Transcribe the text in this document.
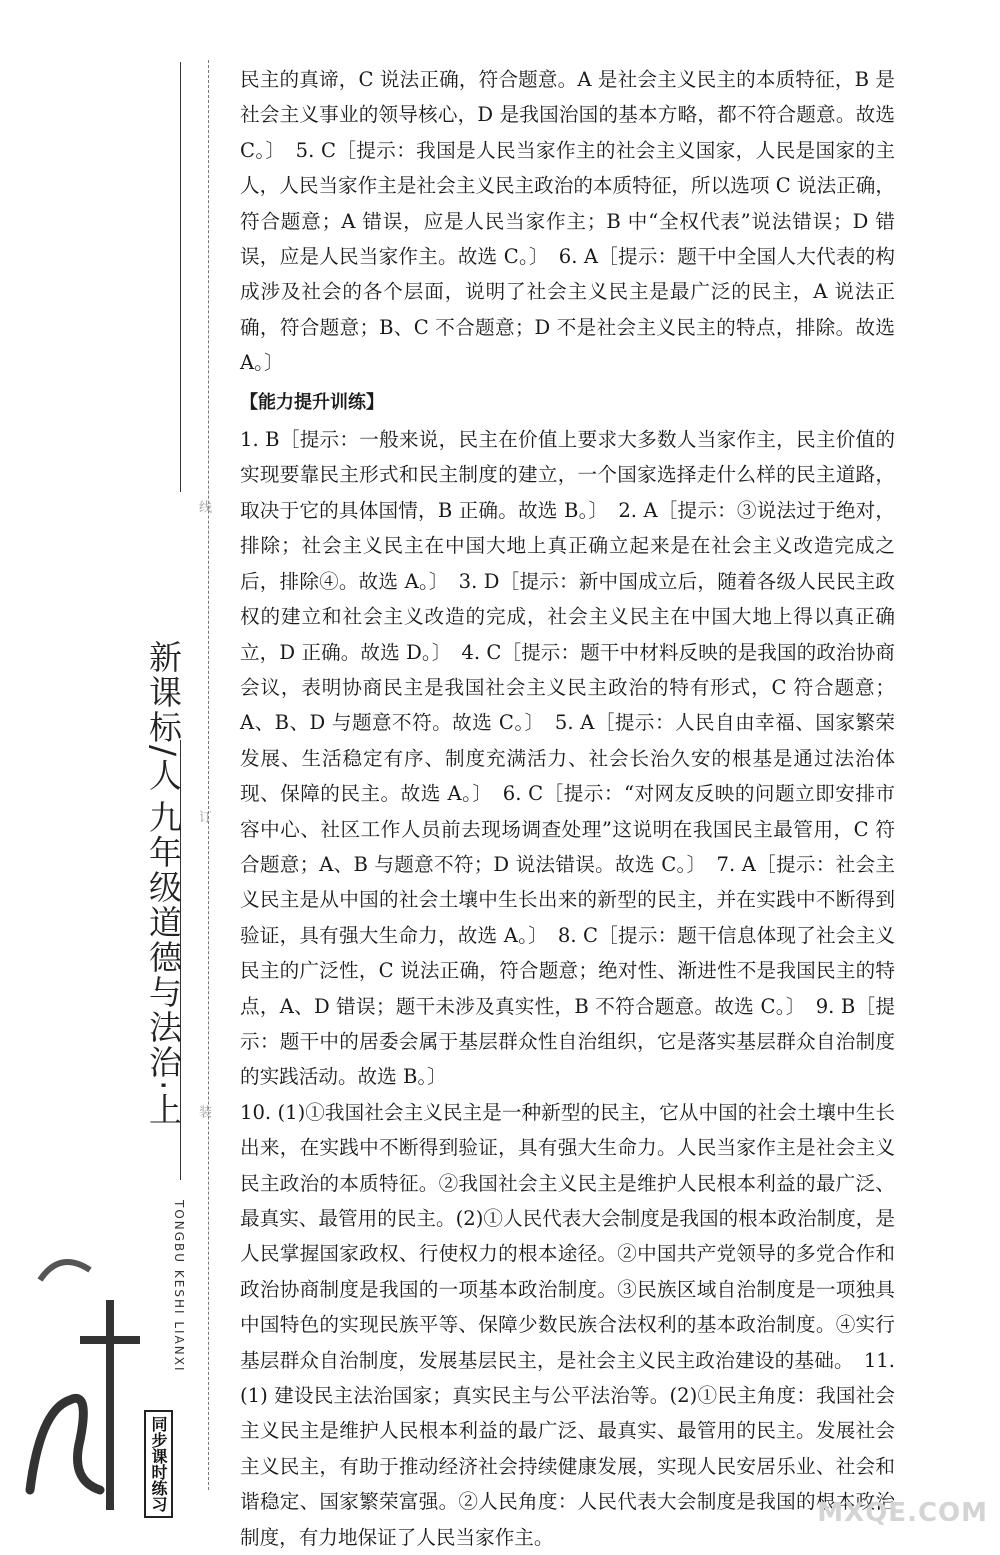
新课标/人
九年级道德与法治·上
线
订
装
TONGBU KESHI LIANXI
同步课时练习

民主的真谛，C 说法正确，符合题意。A 是社会主义民主的本质特征，B 是社会主义事业的领导核心，D 是我国治国的基本方略，都不符合题意。故选 C。〕　5. C［提示：我国是人民当家作主的社会主义国家，人民是国家的主人，人民当家作主是社会主义民主政治的本质特征，所以选项 C 说法正确，符合题意；A 错误，应是人民当家作主；B 中“全权代表”说法错误；D 错误，应是人民当家作主。故选 C。〕　6. A［提示：题干中全国人大代表的构成涉及社会的各个层面，说明了社会主义民主是最广泛的民主，A 说法正确，符合题意；B、C 不合题意；D 不是社会主义民主的特点，排除。故选 A。〕

【能力提升训练】

1. B［提示：一般来说，民主在价值上要求大多数人当家作主，民主价值的实现要靠民主形式和民主制度的建立，一个国家选择走什么样的民主道路，取决于它的具体国情，B 正确。故选 B。〕　2. A［提示：③说法过于绝对，排除；社会主义民主在中国大地上真正确立起来是在社会主义改造完成之后，排除④。故选 A。〕　3. D［提示：新中国成立后，随着各级人民民主政权的建立和社会主义改造的完成，社会主义民主在中国大地上得以真正确立，D 正确。故选 D。〕　4. C［提示：题干中材料反映的是我国的政治协商会议，表明协商民主是我国社会主义民主政治的特有形式，C 符合题意；A、B、D 与题意不符。故选 C。〕　5. A［提示：人民自由幸福、国家繁荣发展、生活稳定有序、制度充满活力、社会长治久安的根基是通过法治体现、保障的民主。故选 A。〕　6. C［提示：“对网友反映的问题立即安排市容中心、社区工作人员前去现场调查处理”这说明在我国民主最管用，C 符合题意；A、B 与题意不符；D 说法错误。故选 C。〕　7. A［提示：社会主义民主是从中国的社会土壤中生长出来的新型的民主，并在实践中不断得到验证，具有强大生命力，故选 A。〕　8. C［提示：题干信息体现了社会主义民主的广泛性，C 说法正确，符合题意；绝对性、渐进性不是我国民主的特点，A、D 错误；题干未涉及真实性，B 不符合题意。故选 C。〕　9. B［提示：题干中的居委会属于基层群众性自治组织，它是落实基层群众自治制度的实践活动。故选 B。〕

10. (1)①我国社会主义民主是一种新型的民主，它从中国的社会土壤中生长出来，在实践中不断得到验证，具有强大生命力。人民当家作主是社会主义民主政治的本质特征。②我国社会主义民主是维护人民根本利益的最广泛、最真实、最管用的民主。(2)①人民代表大会制度是我国的根本政治制度，是人民掌握国家政权、行使权力的根本途径。②中国共产党领导的多党合作和政治协商制度是我国的一项基本政治制度。③民族区域自治制度是一项独具中国特色的实现民族平等、保障少数民族合法权利的基本政治制度。④实行基层群众自治制度，发展基层民主，是社会主义民主政治建设的基础。　11. (1) 建设民主法治国家；真实民主与公平法治等。(2)①民主角度：我国社会主义民主是维护人民根本利益的最广泛、最真实、最管用的民主。发展社会主义民主，有助于推动经济社会持续健康发展，实现人民安居乐业、社会和谐稳定、国家繁荣富强。②人民角度：人民代表大会制度是我国的根本政治制度，有力地保证了人民当家作主。

MXQE.COM
